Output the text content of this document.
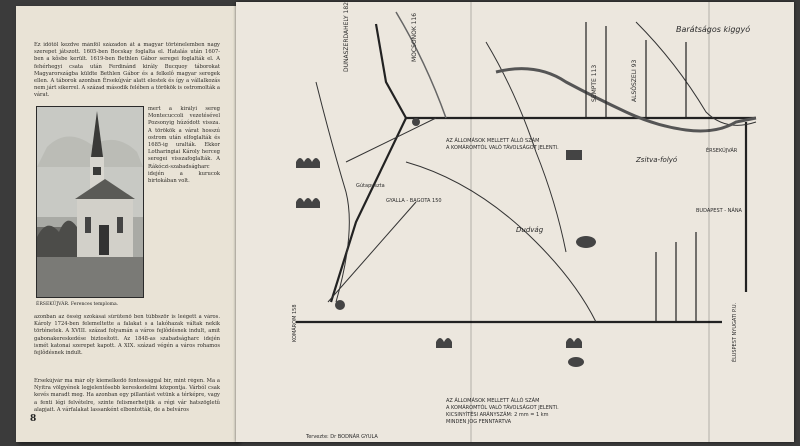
Ez idôtôl kezdve mánfôl századon át a magyar történelemben nagy szerepet játszott. 1605-ben Bocskay foglalta el. Hatalás után 1607-ben a kôsbe került. 1619-ben Bethlen Gábor seregei foglalták el. A fehérhegyi csata után Ferdinánd király Bucquoy táborokat Magyarországba küldte Bethlen Gábor és a felkelô magyar seregek ellen. A táborok azonban Érsekújvár alatt elestek és így a vállalkozás nem járt sikerrel. A század második felében a törökök is ostromolták a várat.
mert a királyi sereg Montecuccoli vezetésével Pozsonyig húzódott vissza. A törökök a várat hosszú ostrom után elfoglalták és 1685-ig uralták. Ekkor Lotharingiai Károly herceg seregei visszafoglalták. A Rákóczi-szabadságharc idején a kurucok birtokában volt.
ÉRSEKÚJVÁR. Ferences temploma.
azonban az ôsség szokásai sûrûtenõ ben tûbbször is leégett a város. Károly 1724-ben felemeltette a falakat s a lakóhazak váltak nekik történetek. A XVIII. század folyamán a város fejlôdésnek indult, amit gabonakereskedése biztosított. Az 1848-as szabadságharc idején ismét katonai szerepet kapott. A XIX. század végén a város rohamos fejlôdésnek indult.
Érsekújvár ma már oly kiemelkedő fontossággal bír, mint régen. Ma a Nyitra völgyének legjelentôsebb kereskedelmi központja. Várból csak kevés maradt meg. Ha azonban egy pillantást vetünk a térképre, vagy a fenti légi felvételre, szinte felismerhetjük a régi vár hatszögletû alapjait. A várfalakat lassanként elbontották, de a belváros
8
DUNASZERDAHELY 182	MOCSONOK 116
SEMPTE 113	ALSÓSZELI 93
Barátságos kiggyó
Zsitva-folyó
Dudvág
AZ ÁLLOMÁSOK MELLETT ÁLLÓ SZÁM
A KOMÁROMTÓL VALÓ TÁVOLSÁGOT JELENTI.
GYALLA - BAGOTA 150
Gútapuszta
ÉRSEKÚJVÁR
BUDAPEST - NÁNA
KOMÁROM 158	ÉLUSPEST NYUGATI P.U.
AZ ÁLLOMÁSOK MELLETT ÁLLÓ SZÁM
A KOMÁROMTÓL VALÓ TÁVOLSÁGOT JELENTI.
KICSINYÍTÉSI ARÁNYSZÁM: 2 mm = 1 km
MINDEN JOG FENNTARTVA
Tervezte: Dr BODNÁR GYULA
